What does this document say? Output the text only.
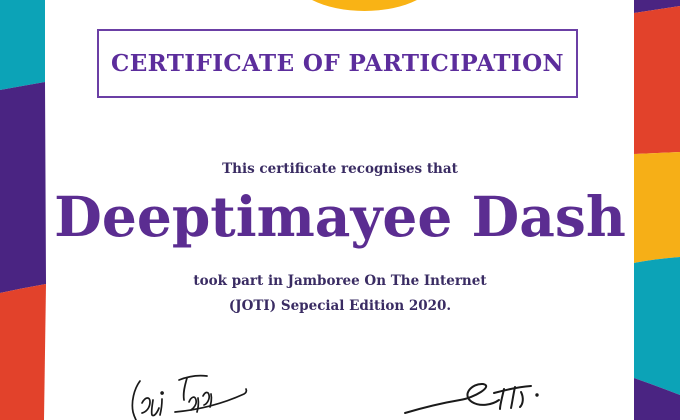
CERTIFICATE OF PARTICIPATION
This certificate recognises that
Deeptimayee Dash
took part in Jamboree On The Internet
(JOTI) Sepecial Edition 2020.
